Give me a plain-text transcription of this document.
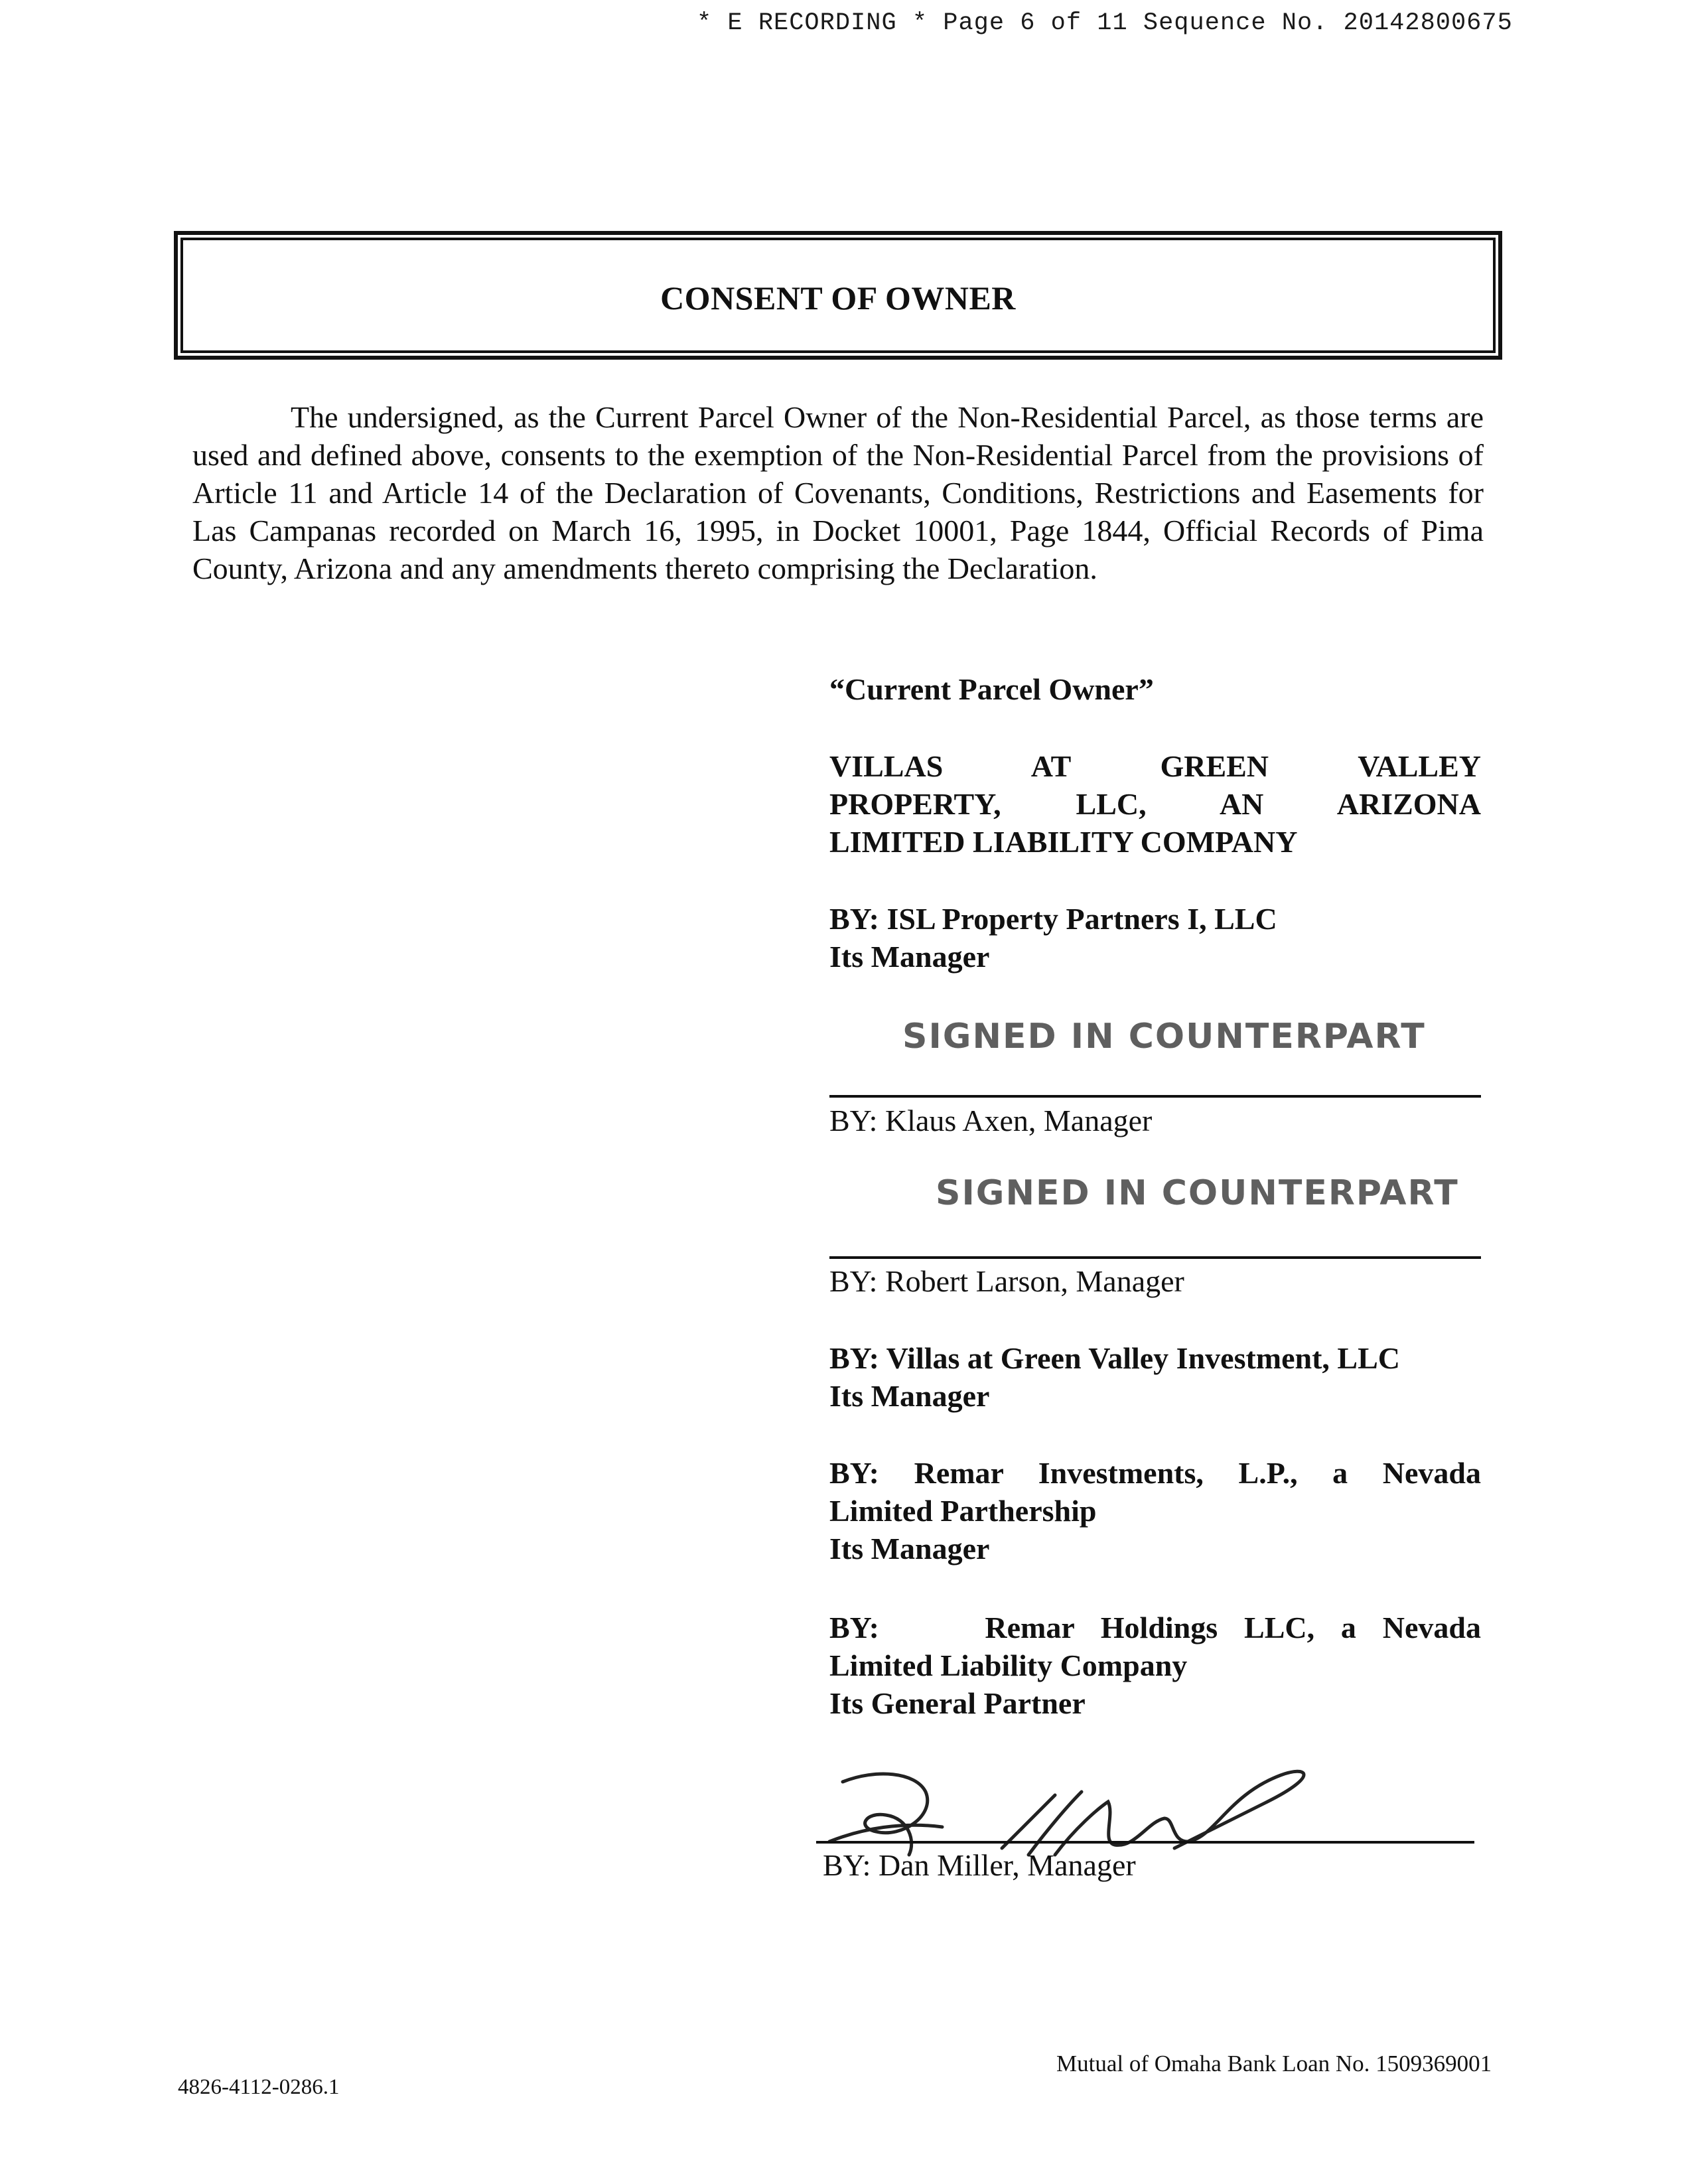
* E RECORDING * Page 6 of 11 Sequence No. 20142800675
CONSENT OF OWNER
The undersigned, as the Current Parcel Owner of the Non-Residential Parcel, as those terms are used and defined above, consents to the exemption of the Non-Residential Parcel from the provisions of Article 11 and Article 14 of the Declaration of Covenants, Conditions, Restrictions and Easements for Las Campanas recorded on March 16, 1995, in Docket 10001, Page 1844, Official Records of Pima County, Arizona and any amendments thereto comprising the Declaration.
“Current Parcel Owner”
VILLAS AT GREEN VALLEY
PROPERTY, LLC, AN ARIZONA
LIMITED LIABILITY COMPANY
BY: ISL Property Partners I, LLC
Its Manager
SIGNED IN COUNTERPART
BY: Klaus Axen, Manager
SIGNED IN COUNTERPART
BY: Robert Larson, Manager
BY: Villas at Green Valley Investment, LLC
Its Manager
BY: Remar Investments, L.P., a Nevada
Limited Parthership
Its Manager
BY:    Remar Holdings LLC, a Nevada
Limited Liability Company
Its General Partner
BY: Dan Miller, Manager
4826-4112-0286.1
Mutual of Omaha Bank Loan No. 1509369001
